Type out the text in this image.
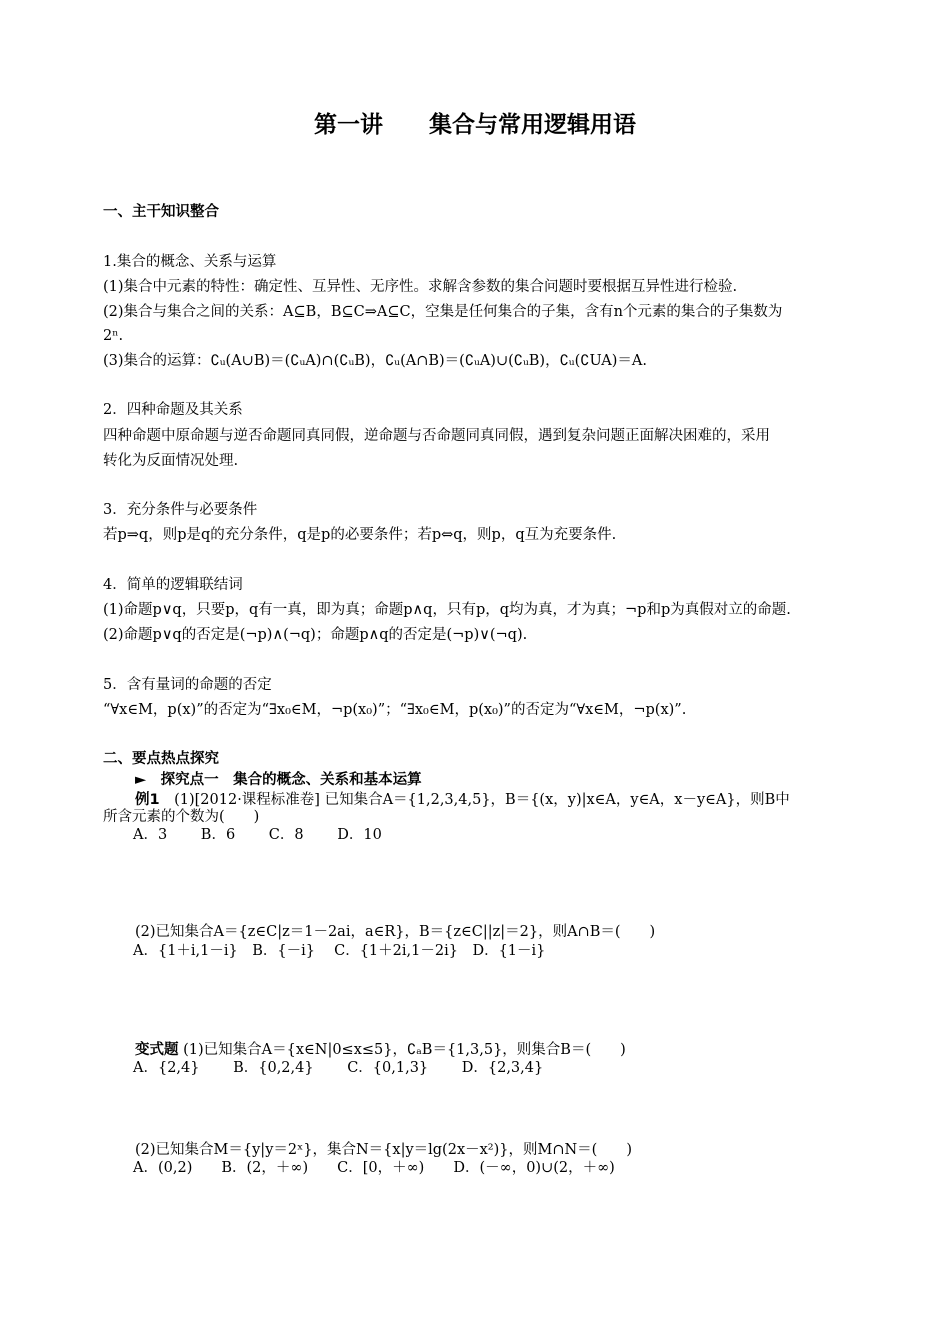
第一讲　　集合与常用逻辑用语
一、主干知识整合
1.集合的概念、关系与运算
(1)集合中元素的特性：确定性、互异性、无序性。求解含参数的集合问题时要根据互异性进行检验.
(2)集合与集合之间的关系：A⊆B，B⊆C⇒A⊆C，空集是任何集合的子集，含有n个元素的集合的子集数为
2ⁿ.
(3)集合的运算：∁ᵤ(A∪B)＝(∁ᵤA)∩(∁ᵤB)，∁ᵤ(A∩B)＝(∁ᵤA)∪(∁ᵤB)，∁ᵤ(∁UA)＝A.
2．四种命题及其关系
四种命题中原命题与逆否命题同真同假，逆命题与否命题同真同假，遇到复杂问题正面解决困难的，采用
转化为反面情况处理.
3．充分条件与必要条件
若p⇒q，则p是q的充分条件，q是p的必要条件；若p⇔q，则p，q互为充要条件.
4．简单的逻辑联结词
(1)命题p∨q，只要p，q有一真，即为真；命题p∧q，只有p，q均为真，才为真；¬p和p为真假对立的命题.
(2)命题p∨q的否定是(¬p)∧(¬q)；命题p∧q的否定是(¬p)∨(¬q).
5．含有量词的命题的否定
“∀x∈M，p(x)”的否定为“∃x₀∈M，¬p(x₀)”；“∃x₀∈M，p(x₀)”的否定为“∀x∈M，¬p(x)”.
二、要点热点探究
►　探究点一　集合的概念、关系和基本运算
例1　(1)[2012·课程标准卷] 已知集合A＝{1,2,3,4,5}，B＝{(x，y)|x∈A，y∈A，x－y∈A}，则B中
所含元素的个数为(　　)
A．3　　 B．6　　 C．8　　 D．10
(2)已知集合A＝{z∈C|z＝1－2ai，a∈R}，B＝{z∈C||z|＝2}，则A∩B＝(　　)
A．{1＋i,1－i}　B．{－i}　 C．{1＋2i,1－2i}　D．{1－i}
变式题 (1)已知集合A＝{x∈N|0≤x≤5}，∁ₐB＝{1,3,5}，则集合B＝(　　)
A．{2,4}　　 B．{0,2,4}　　 C．{0,1,3}　　 D．{2,3,4}
(2)已知集合M＝{y|y＝2ˣ}，集合N＝{x|y＝lg(2x－x²)}，则M∩N＝(　　)
A．(0,2)　　B．(2，＋∞)　　C．[0，＋∞)　　D．(－∞，0)∪(2，＋∞)
